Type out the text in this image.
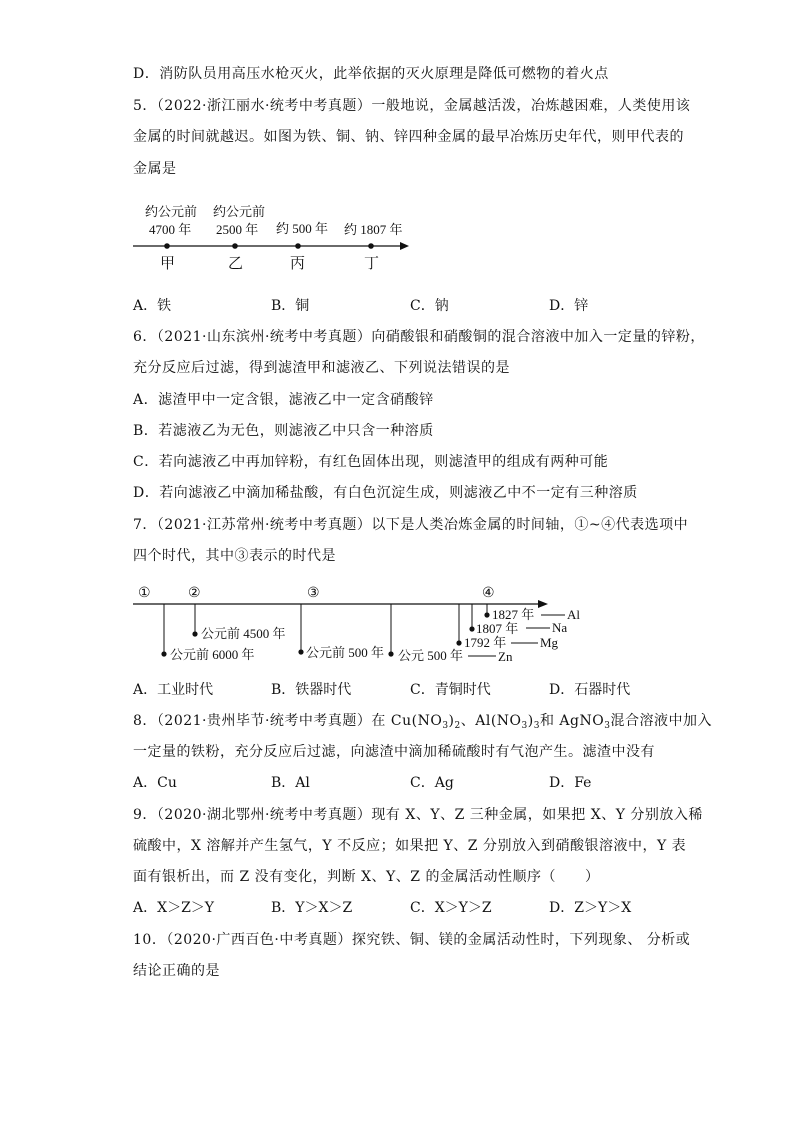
D．消防队员用高压水枪灭火，此举依据的灭火原理是降低可燃物的着火点
5．（2022·浙江丽水·统考中考真题）一般地说，金属越活泼，冶炼越困难，人类使用该
金属的时间就越迟。如图为铁、铜、钠、锌四种金属的最早冶炼历史年代，则甲代表的
金属是
约公元前 约公元前
4700 年 2500 年 约 500 年 约 1807 年
甲	乙	丙	丁
A．铁	B．铜	C．钠	D．锌
6．（2021·山东滨州·统考中考真题）向硝酸银和硝酸铜的混合溶液中加入一定量的锌粉，
充分反应后过滤，得到滤渣甲和滤液乙、下列说法错误的是
A．滤渣甲中一定含银，滤液乙中一定含硝酸锌
B．若滤液乙为无色，则滤液乙中只含一种溶质
C．若向滤液乙中再加锌粉，有红色固体出现，则滤渣甲的组成有两种可能
D．若向滤液乙中滴加稀盐酸，有白色沉淀生成，则滤液乙中不一定有三种溶质
7．（2021·江苏常州·统考中考真题）以下是人类冶炼金属的时间轴，①~④代表选项中
四个时代，其中③表示的时代是
①	②	③	④
公元前 6000 年
公元前 4500 年
公元前 500 年 公元 500 年	Zn
1792 年	Mg
1807 年	Na
1827 年	Al
A．工业时代	B．铁器时代	C．青铜时代	D．石器时代
8．（2021·贵州毕节·统考中考真题）在 $Cu(NO_3)_2$、$Al(NO_3)_3$和 AgNO$_3$混合溶液中加入
一定量的铁粉，充分反应后过滤，向滤渣中滴加稀硫酸时有气泡产生。滤渣中没有
A．Cu	B．Al	C．Ag	D．Fe
9．（2020·湖北鄂州·统考中考真题）现有 X、Y、Z 三种金属，如果把 X、Y 分别放入稀
硫酸中，X 溶解并产生氢气，Y 不反应；如果把 Y、Z 分别放入到硝酸银溶液中，Y 表
面有银析出，而 Z 没有变化，判断 X、Y、Z 的金属活动性顺序（　　）
A．X＞Z＞Y	B．Y＞X＞Z	C．X＞Y＞Z	D．Z＞Y＞X
10．（2020·广西百色·中考真题）探究铁、铜、镁的金属活动性时，下列现象、 分析或
结论正确的是
